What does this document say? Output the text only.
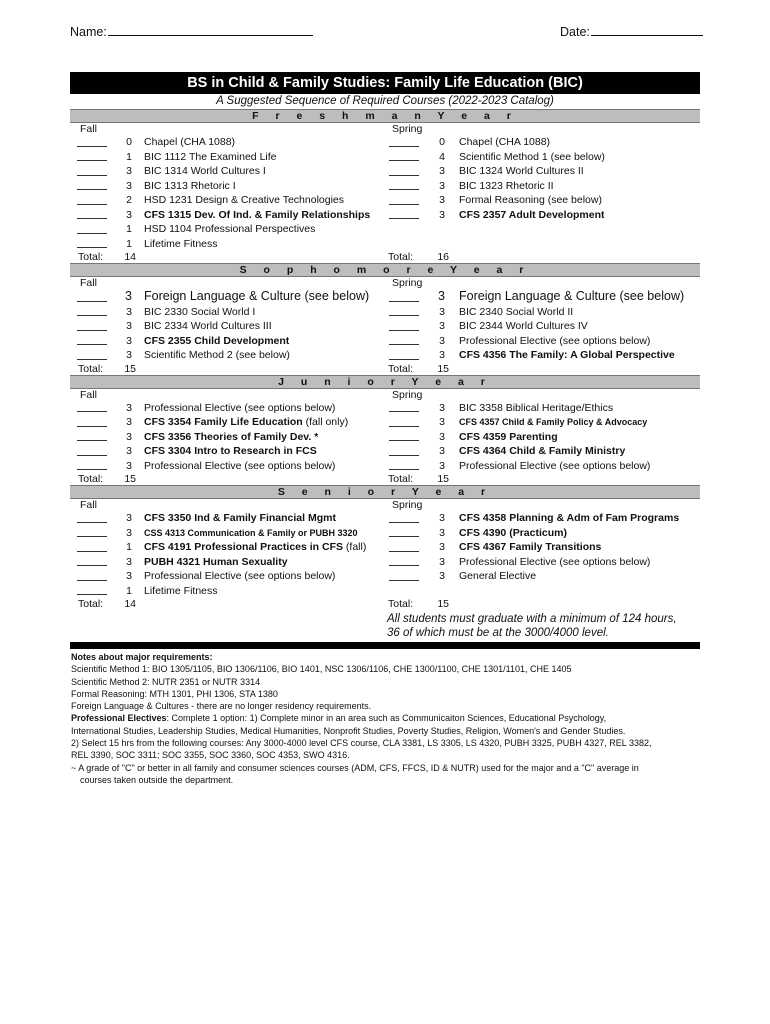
Name:	Date:
BS in Child & Family Studies: Family Life Education (BIC)
A Suggested Sequence of Required Courses (2022-2023 Catalog)
F r e s h m a n Y e a r
Fall
0	Chapel (CHA 1088)
1	BIC 1112 The Examined Life
3	BIC 1314 World Cultures I
3	BIC 1313 Rhetoric I
2	HSD 1231 Design & Creative Technologies
3	CFS 1315 Dev. Of Ind. & Family Relationships
1	HSD 1104 Professional Perspectives
1	Lifetime Fitness
Total:	14
Spring
0	Chapel (CHA 1088)
4	Scientific Method 1 (see below)
3	BIC 1324 World Cultures II
3	BIC 1323 Rhetoric II
3	Formal Reasoning (see below)
3	CFS 2357 Adult Development
Total:	16
S o p h o m o r e Y e a r
Fall
3 Foreign Language & Culture (see below)
3	BIC 2330 Social World I
3	BIC 2334 World Cultures III
3	CFS 2355 Child Development
3	Scientific Method 2 (see below)
Total:	15
Spring
3	Foreign Language & Culture (see below)
3	BIC 2340 Social World II
3	BIC 2344 World Cultures IV
3	Professional Elective (see options below)
3	CFS 4356 The Family: A Global Perspective
Total:	15
J u n i o r Y e a r
Fall
3	Professional Elective (see options below)
3	CFS 3354 Family Life Education (fall only)
3	CFS 3356 Theories of Family Dev. *
3	CFS 3304 Intro to Research in FCS
3	Professional Elective (see options below)
Total:	15
Spring
3	BIC 3358 Biblical Heritage/Ethics
3	CFS 4357 Child & Family Policy & Advocacy
3	CFS 4359 Parenting
3	CFS 4364 Child & Family Ministry
3	Professional Elective (see options below)
Total:	15
S e n i o r Y e a r
Fall
3	CFS 3350 Ind & Family Financial Mgmt
3	CSS 4313 Communication & Family or PUBH 3320
1	CFS 4191 Professional Practices in CFS (fall)
3	PUBH 4321 Human Sexuality
3	Professional Elective (see options below)
1	Lifetime Fitness
Total:	14
Spring
3	CFS 4358 Planning & Adm of Fam Programs
3	CFS 4390 (Practicum)
3	CFS 4367 Family Transitions
3	Professional Elective (see options below)
3	General Elective
Total:	15
All students must graduate with a minimum of 124 hours,
36 of which must be at the 3000/4000 level.
Notes about major requirements:
Scientific Method 1: BIO 1305/1105, BIO 1306/1106, BIO 1401, NSC 1306/1106, CHE 1300/1100, CHE 1301/1101, CHE 1405
Scientific Method 2: NUTR 2351 or NUTR 3314
Formal Reasoning: MTH 1301, PHI 1306, STA 1380
Foreign Language & Cultures - there are no longer residency requirements.
Professional Electives: Complete 1 option: 1) Complete minor in an area such as Communicaiton Sciences, Educational Psychology,
International Studies, Leadership Studies, Medical Humanities, Nonprofit Studies, Poverty Studies, Religion, Women's and Gender Studies.
2) Select 15 hrs from the following courses: Any 3000-4000 level CFS course, CLA 3381, LS 3305, LS 4320, PUBH 3325, PUBH 4327, REL 3382,
REL 3390, SOC 3311; SOC 3355, SOC 3360, SOC 4353, SWO 4316.
~ A grade of "C" or better in all family and consumer sciences courses (ADM, CFS, FFCS, ID & NUTR) used for the major and a "C" average in
courses taken outside the department.
